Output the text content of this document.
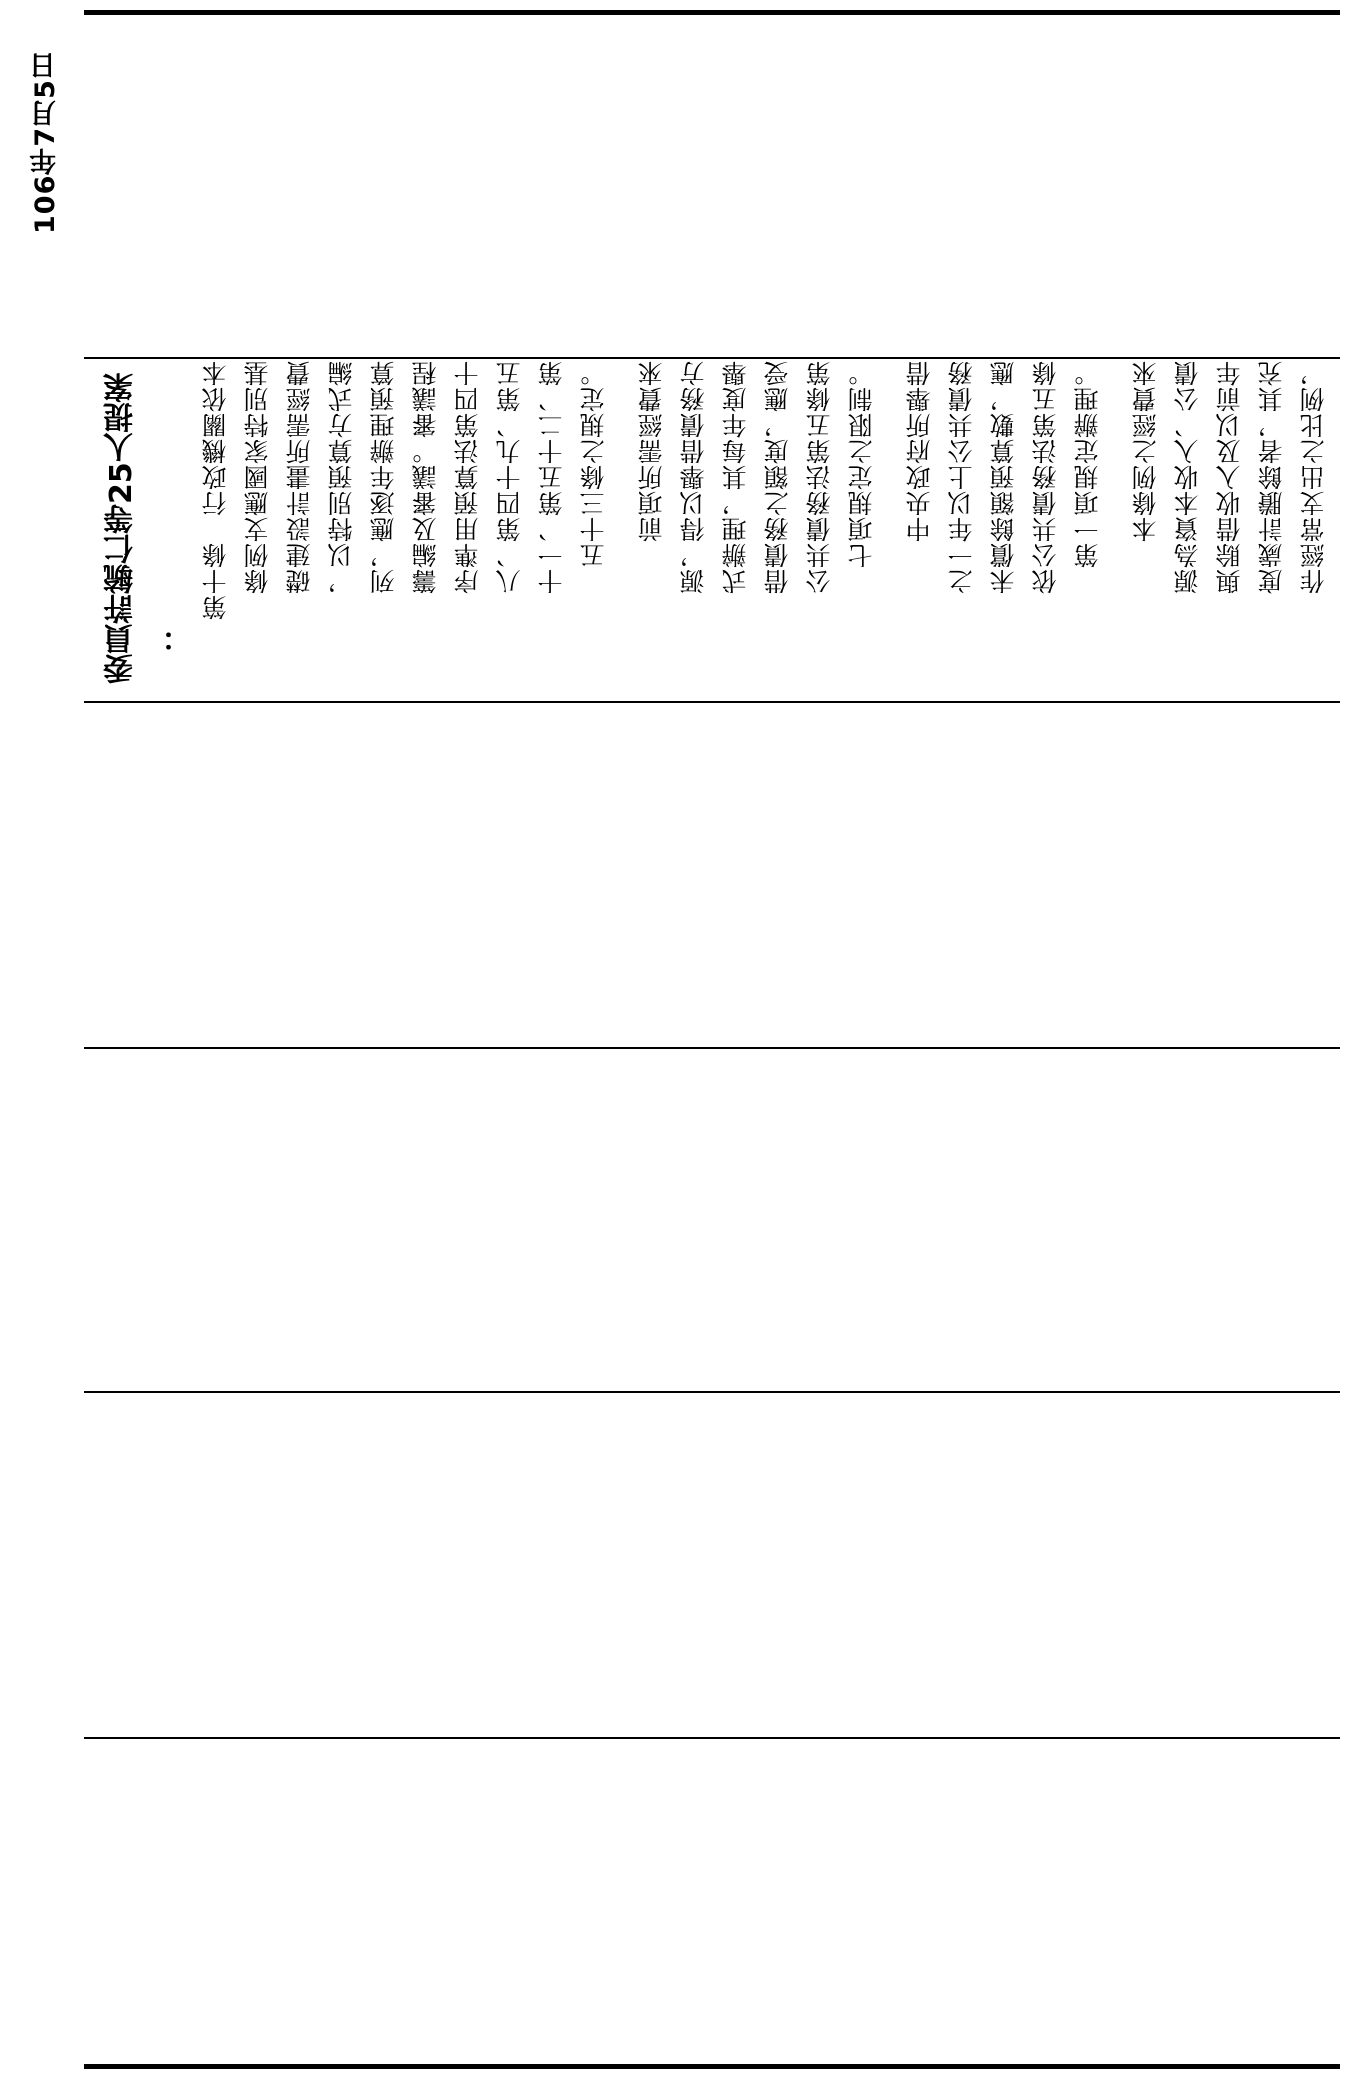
106年7月5日
委員許毓仁等25人提案 ：
第十條　行政機關依本 　條例支應國家特別基 　礎建設計畫所需經費 　，以特別預算方式編 　列，應逐年辦理預算 　籌編及審議。審議程 　序準用預算法第四十 　八、第四十九、第五 　十一、第五十二、第 　五十三條之規定。 　　前項所需經費來 　源，得以舉借債務方 　式辦理，其每年度舉 　借債務之額度，應受 　公共債務法第五條第 　七項規定之限制。 　　中央政府所舉借 　之一年以上公共債務 　未償餘額預算數，應 　依公共債務法第五條 　第一項規定辦理。 　　本條例之經費來 　源為資本收入、公債 　與賒借收入及以前年 　度歲計賸餘者，其充 　作經常支出之比例，
